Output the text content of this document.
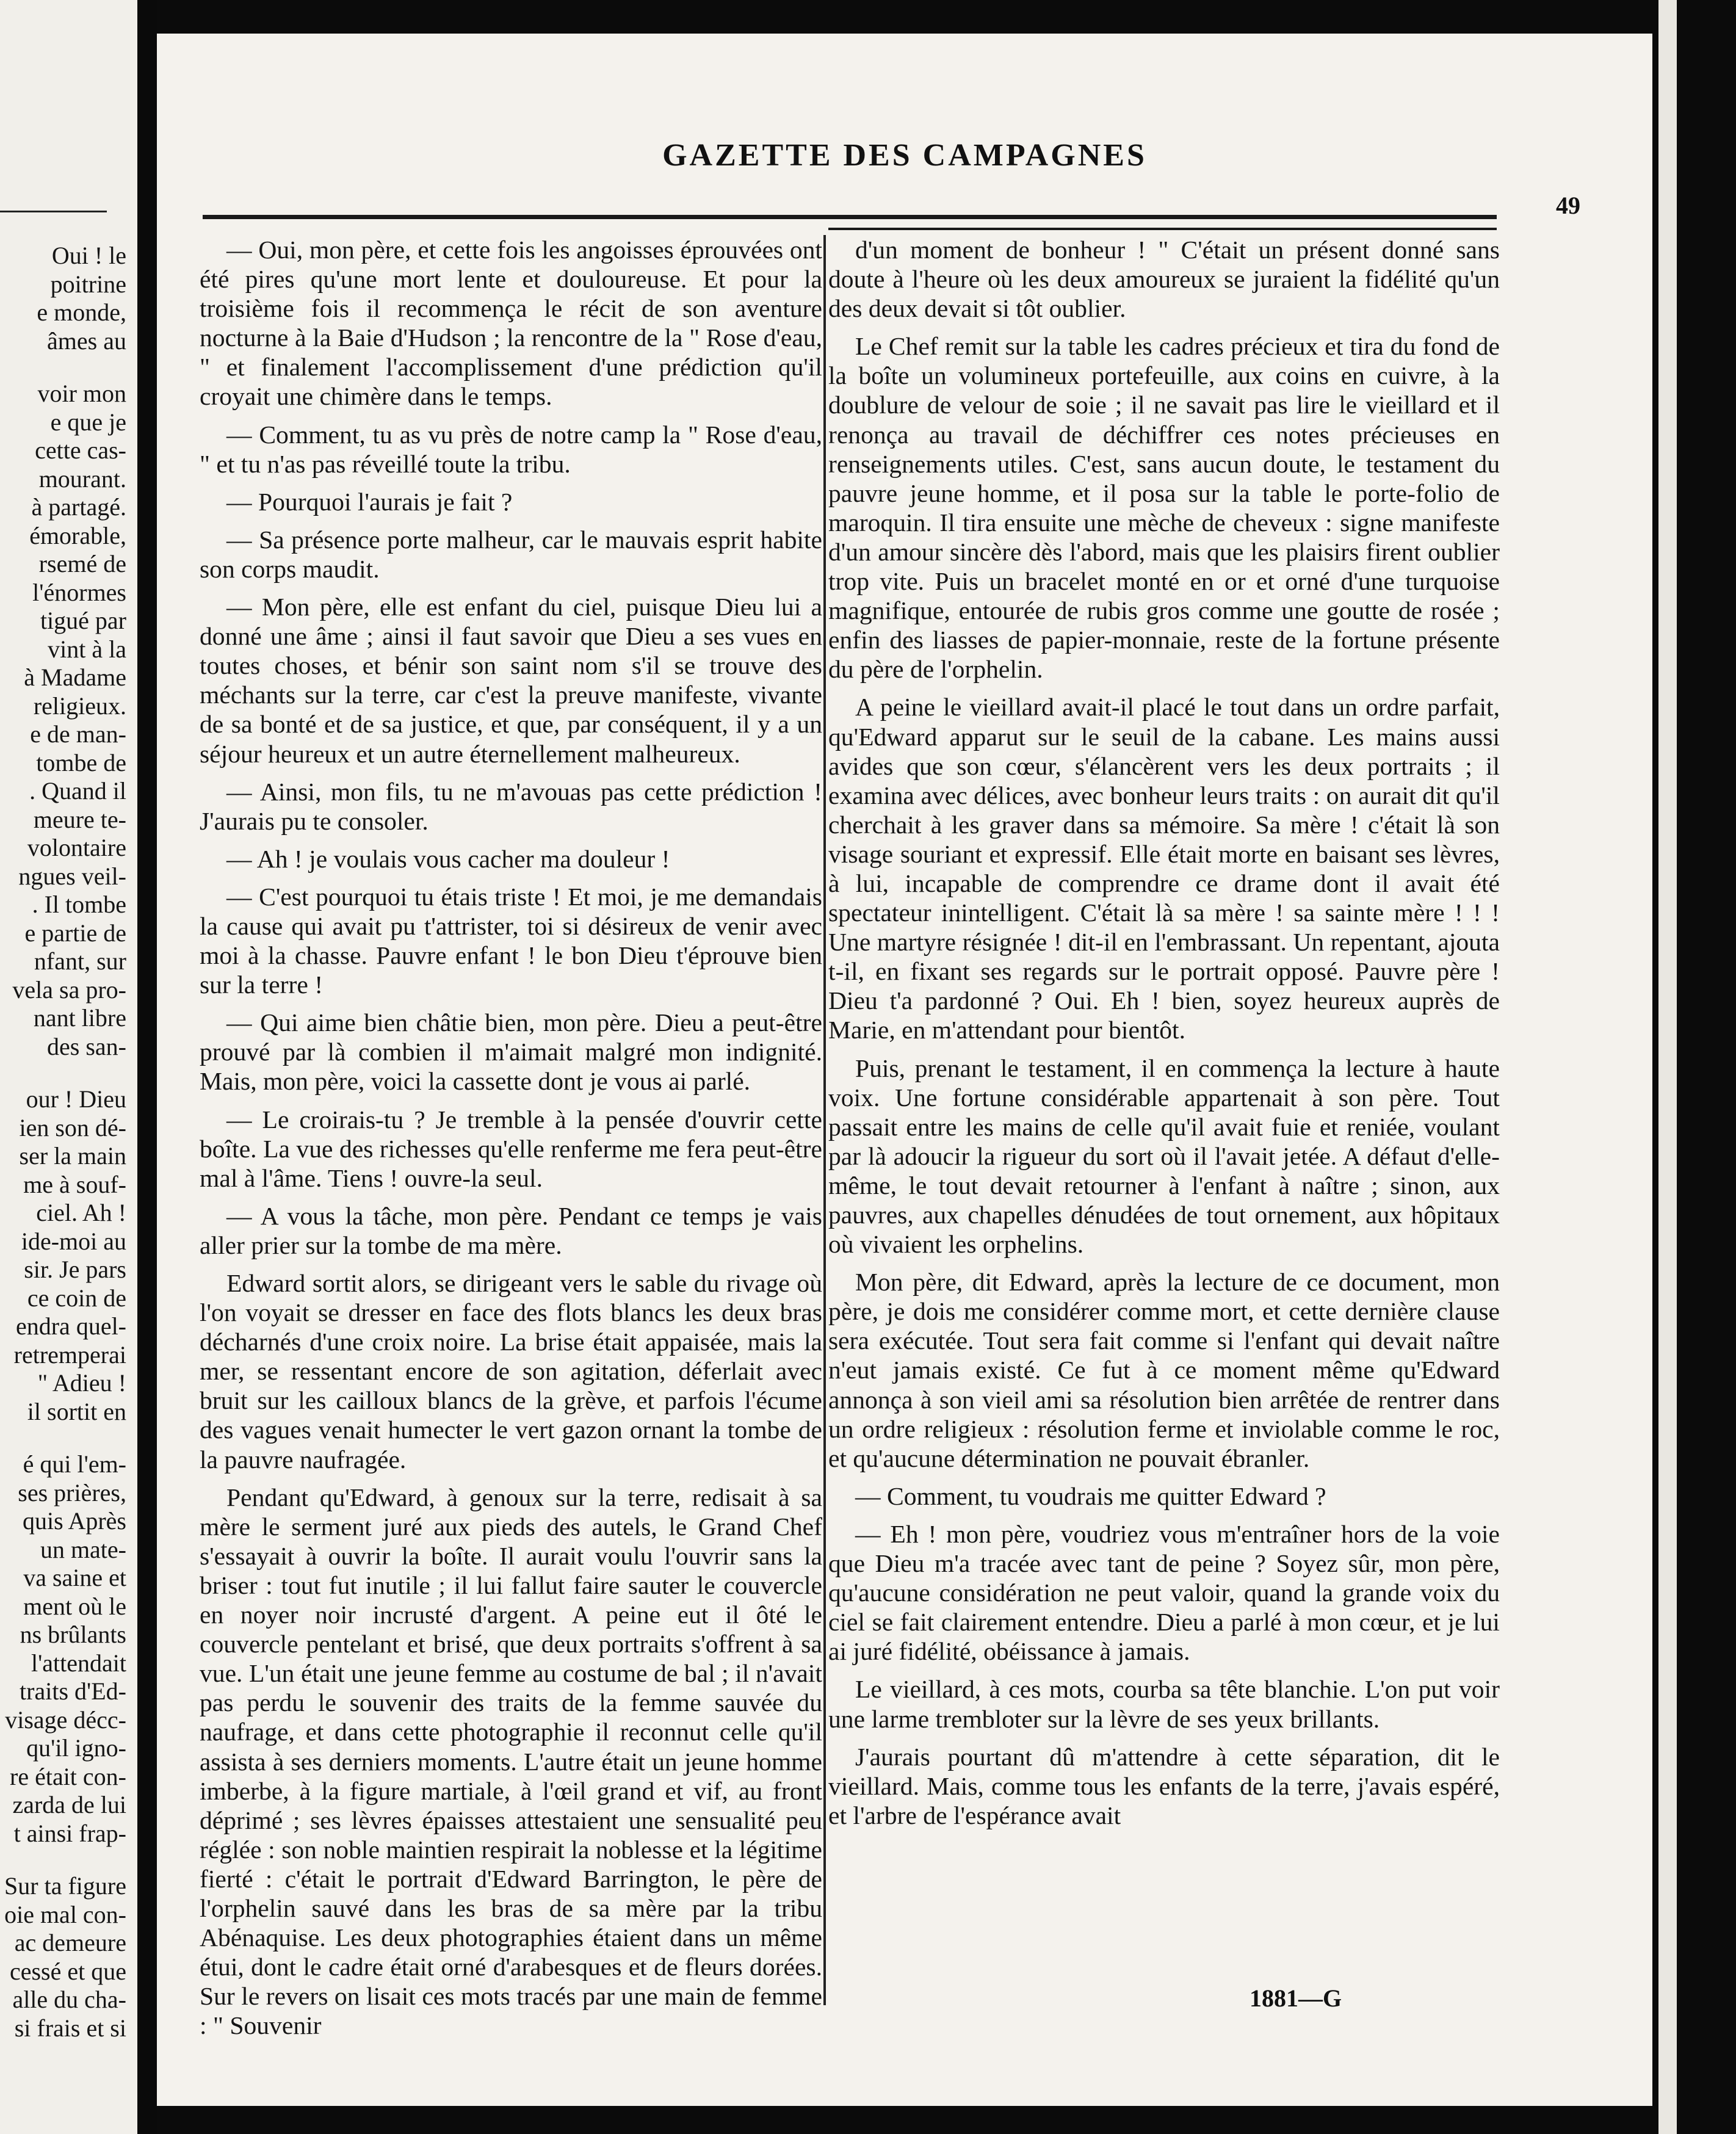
Oui ! le
poitrine
e monde,
âmes au
voir mon
e que je
cette cas-
mourant.
à partagé.
émorable,
rsemé de
l'énormes
tigué par
vint à la
à Madame
religieux.
e de man-
tombe de
. Quand il
meure te-
volontaire
ngues veil-
. Il tombe
e partie de
nfant, sur
vela sa pro-
nant libre
des san-
our ! Dieu
ien son dé-
ser la main
me à souf-
ciel. Ah !
ide-moi au
sir. Je pars
ce coin de
endra quel-
retremperai
" Adieu !
il sortit en
é qui l'em-
ses prières,
quis Après
un mate-
va saine et
ment où le
ns brûlants
l'attendait
traits d'Ed-
visage décc-
qu'il igno-
re était con-
zarda de lui
t ainsi frap-
Sur ta figure
oie mal con-
ac demeure
cessé et que
alle du cha-
si frais et si
GAZETTE DES CAMPAGNES
49

— Oui, mon père, et cette fois les angoisses éprouvées ont été pires qu'une mort lente et douloureuse. Et pour la troisième fois il recommença le récit de son aventure nocturne à la Baie d'Hudson ; la rencontre de la " Rose d'eau, " et finalement l'accomplissement d'une prédiction qu'il croyait une chimère dans le temps.

— Comment, tu as vu près de notre camp la " Rose d'eau, " et tu n'as pas réveillé toute la tribu.

— Pourquoi l'aurais je fait ?

— Sa présence porte malheur, car le mauvais esprit habite son corps maudit.

— Mon père, elle est enfant du ciel, puisque Dieu lui a donné une âme ; ainsi il faut savoir que Dieu a ses vues en toutes choses, et bénir son saint nom s'il se trouve des méchants sur la terre, car c'est la preuve manifeste, vivante de sa bonté et de sa justice, et que, par conséquent, il y a un séjour heureux et un autre éternellement malheureux.

— Ainsi, mon fils, tu ne m'avouas pas cette prédiction ! J'aurais pu te consoler.

— Ah ! je voulais vous cacher ma douleur !

— C'est pourquoi tu étais triste ! Et moi, je me demandais la cause qui avait pu t'attrister, toi si désireux de venir avec moi à la chasse. Pauvre enfant ! le bon Dieu t'éprouve bien sur la terre !

— Qui aime bien châtie bien, mon père. Dieu a peut-être prouvé par là combien il m'aimait malgré mon indignité. Mais, mon père, voici la cassette dont je vous ai parlé.

— Le croirais-tu ? Je tremble à la pensée d'ouvrir cette boîte. La vue des richesses qu'elle renferme me fera peut-être mal à l'âme. Tiens ! ouvre-la seul.

— A vous la tâche, mon père. Pendant ce temps je vais aller prier sur la tombe de ma mère.

Edward sortit alors, se dirigeant vers le sable du rivage où l'on voyait se dresser en face des flots blancs les deux bras décharnés d'une croix noire. La brise était appaisée, mais la mer, se ressentant encore de son agitation, déferlait avec bruit sur les cailloux blancs de la grève, et parfois l'écume des vagues venait humecter le vert gazon ornant la tombe de la pauvre naufragée.

Pendant qu'Edward, à genoux sur la terre, redisait à sa mère le serment juré aux pieds des autels, le Grand Chef s'essayait à ouvrir la boîte. Il aurait voulu l'ouvrir sans la briser : tout fut inutile ; il lui fallut faire sauter le couvercle en noyer noir incrusté d'argent. A peine eut il ôté le couvercle pentelant et brisé, que deux portraits s'offrent à sa vue. L'un était une jeune femme au costume de bal ; il n'avait pas perdu le souvenir des traits de la femme sauvée du naufrage, et dans cette photographie il reconnut celle qu'il assista à ses derniers moments. L'autre était un jeune homme imberbe, à la figure martiale, à l'œil grand et vif, au front déprimé ; ses lèvres épaisses attestaient une sensualité peu réglée : son noble maintien respirait la noblesse et la légitime fierté : c'était le portrait d'Edward Barrington, le père de l'orphelin sauvé dans les bras de sa mère par la tribu Abénaquise. Les deux photographies étaient dans un même étui, dont le cadre était orné d'arabesques et de fleurs dorées. Sur le revers on lisait ces mots tracés par une main de femme : " Souvenir

d'un moment de bonheur ! " C'était un présent donné sans doute à l'heure où les deux amoureux se juraient la fidélité qu'un des deux devait si tôt oublier.

Le Chef remit sur la table les cadres précieux et tira du fond de la boîte un volumineux portefeuille, aux coins en cuivre, à la doublure de velour de soie ; il ne savait pas lire le vieillard et il renonça au travail de déchiffrer ces notes précieuses en renseignements utiles. C'est, sans aucun doute, le testament du pauvre jeune homme, et il posa sur la table le porte-folio de maroquin. Il tira ensuite une mèche de cheveux : signe manifeste d'un amour sincère dès l'abord, mais que les plaisirs firent oublier trop vite. Puis un bracelet monté en or et orné d'une turquoise magnifique, entourée de rubis gros comme une goutte de rosée ; enfin des liasses de papier-monnaie, reste de la fortune présente du père de l'orphelin.

A peine le vieillard avait-il placé le tout dans un ordre parfait, qu'Edward apparut sur le seuil de la cabane. Les mains aussi avides que son cœur, s'élancèrent vers les deux portraits ; il examina avec délices, avec bonheur leurs traits : on aurait dit qu'il cherchait à les graver dans sa mémoire. Sa mère ! c'était là son visage souriant et expressif. Elle était morte en baisant ses lèvres, à lui, incapable de comprendre ce drame dont il avait été spectateur inintelligent. C'était là sa mère ! sa sainte mère ! ! ! Une martyre résignée ! dit-il en l'embrassant. Un repentant, ajouta t-il, en fixant ses regards sur le portrait opposé. Pauvre père ! Dieu t'a pardonné ? Oui. Eh ! bien, soyez heureux auprès de Marie, en m'attendant pour bientôt.

Puis, prenant le testament, il en commença la lecture à haute voix. Une fortune considérable appartenait à son père. Tout passait entre les mains de celle qu'il avait fuie et reniée, voulant par là adoucir la rigueur du sort où il l'avait jetée. A défaut d'elle-même, le tout devait retourner à l'enfant à naître ; sinon, aux pauvres, aux chapelles dénudées de tout ornement, aux hôpitaux où vivaient les orphelins.

Mon père, dit Edward, après la lecture de ce document, mon père, je dois me considérer comme mort, et cette dernière clause sera exécutée. Tout sera fait comme si l'enfant qui devait naître n'eut jamais existé. Ce fut à ce moment même qu'Edward annonça à son vieil ami sa résolution bien arrêtée de rentrer dans un ordre religieux : résolution ferme et inviolable comme le roc, et qu'aucune détermination ne pouvait ébranler.

— Comment, tu voudrais me quitter Edward ?

— Eh ! mon père, voudriez vous m'entraîner hors de la voie que Dieu m'a tracée avec tant de peine ? Soyez sûr, mon père, qu'aucune considération ne peut valoir, quand la grande voix du ciel se fait clairement entendre. Dieu a parlé à mon cœur, et je lui ai juré fidélité, obéissance à jamais.

Le vieillard, à ces mots, courba sa tête blanchie. L'on put voir une larme trembloter sur la lèvre de ses yeux brillants.

J'aurais pourtant dû m'attendre à cette séparation, dit le vieillard. Mais, comme tous les enfants de la terre, j'avais espéré, et l'arbre de l'espérance avait

1881—G
